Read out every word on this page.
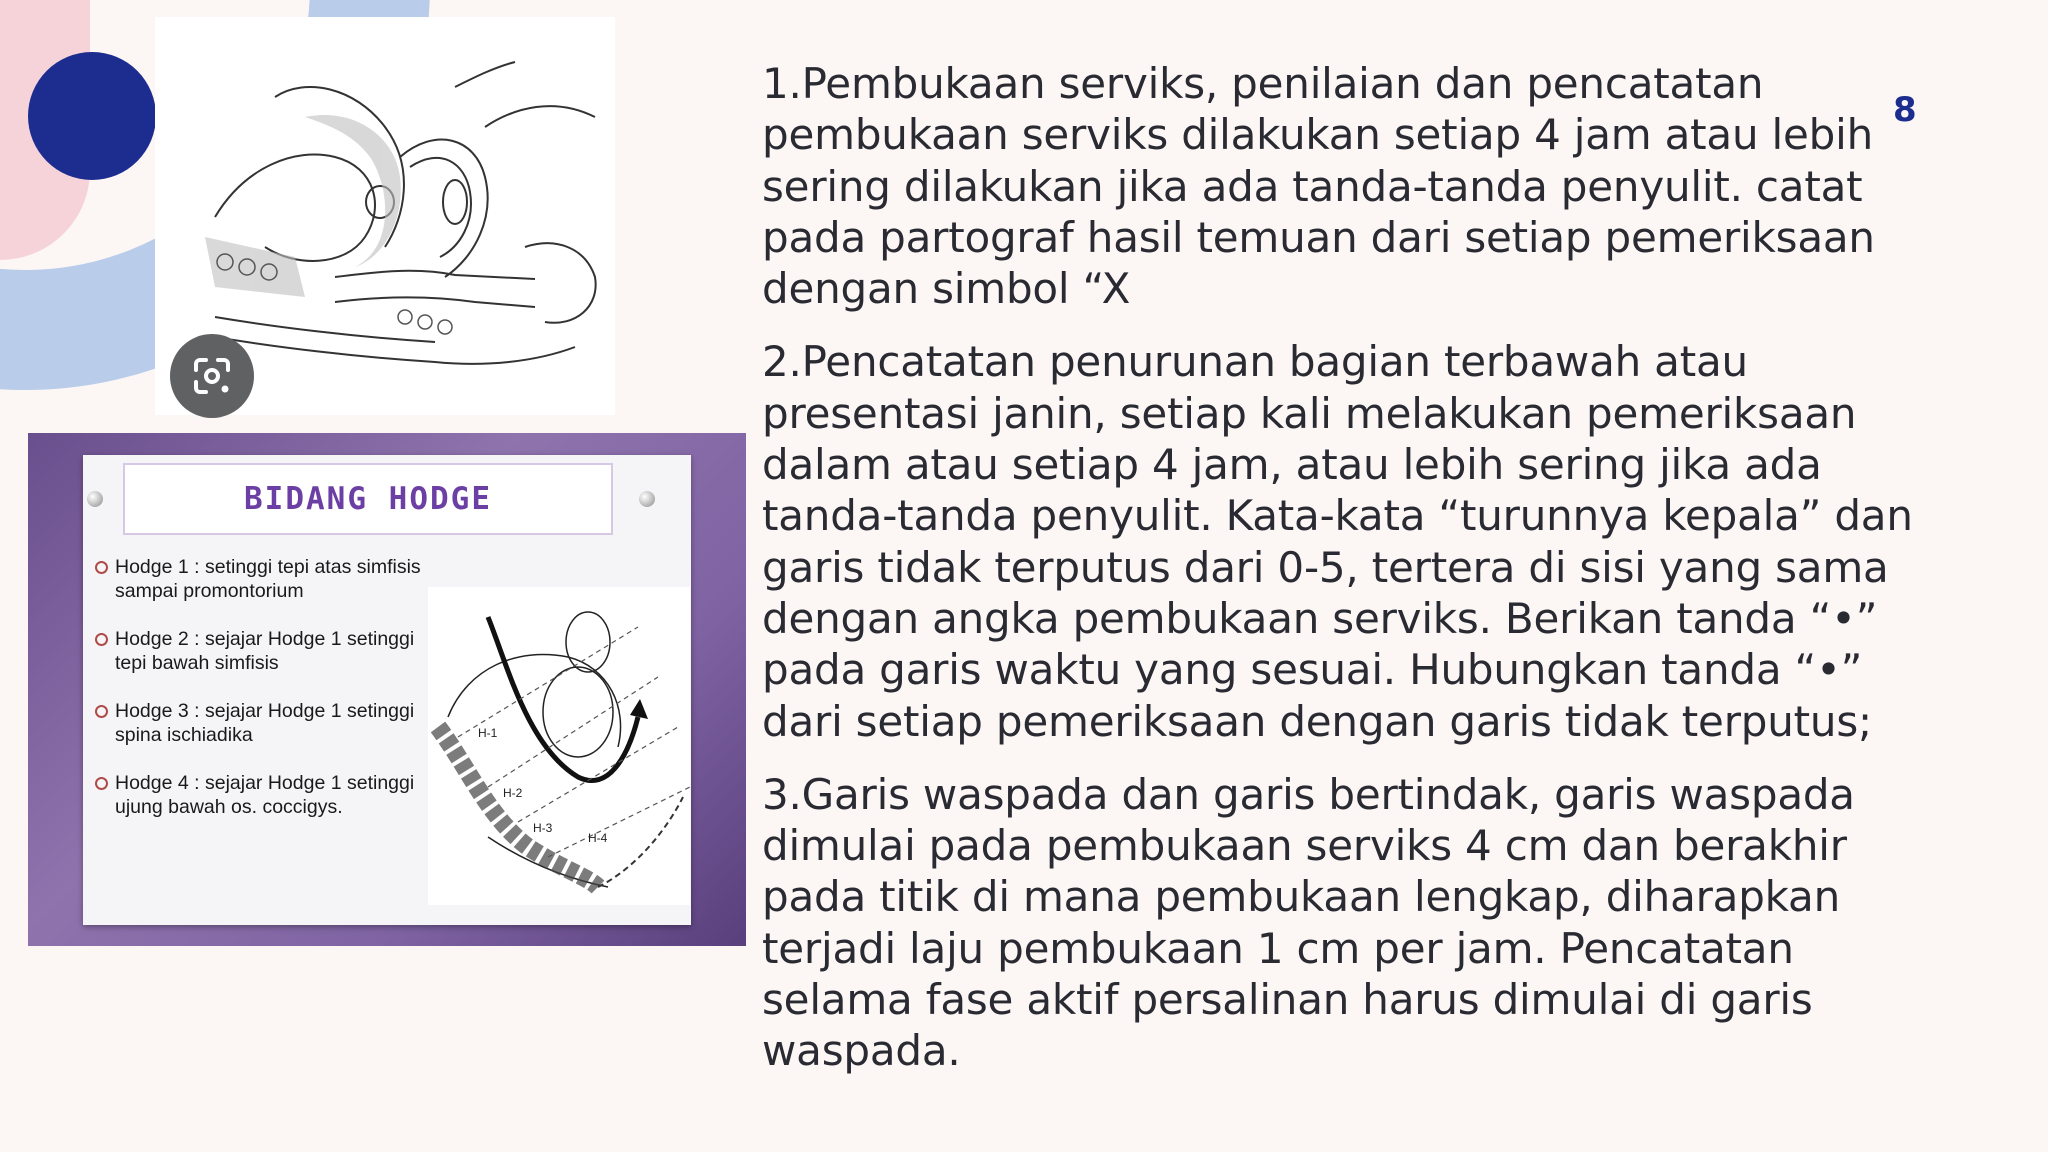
BIDANG HODGE
Hodge 1 : setinggi tepi atas simfisis sampai promontorium
Hodge 2 : sejajar Hodge 1 setinggi tepi bawah simfisis
Hodge 3 : sejajar Hodge 1 setinggi spina ischiadika
Hodge 4 : sejajar Hodge 1 setinggi ujung bawah os. coccigys.
H-1
H-2
H-3
H-4
8

1.Pembukaan serviks, penilaian dan pencatatan pembukaan serviks dilakukan setiap 4 jam atau lebih sering dilakukan jika ada tanda-tanda penyulit. catat pada partograf hasil temuan dari setiap pemeriksaan dengan simbol “X

2.Pencatatan penurunan bagian terbawah atau presentasi janin, setiap kali melakukan pemeriksaan dalam atau setiap 4 jam, atau lebih sering jika ada tanda-tanda penyulit. Kata-kata “turunnya kepala” dan garis tidak terputus dari 0-5, tertera di sisi yang sama dengan angka pembukaan serviks. Berikan tanda “•” pada garis waktu yang sesuai. Hubungkan tanda “•” dari setiap pemeriksaan dengan garis tidak terputus;

3.Garis waspada dan garis bertindak, garis waspada dimulai pada pembukaan serviks 4 cm dan berakhir pada titik di mana pembukaan lengkap, diharapkan terjadi laju pembukaan 1 cm per jam. Pencatatan selama fase aktif persalinan harus dimulai di garis waspada.
